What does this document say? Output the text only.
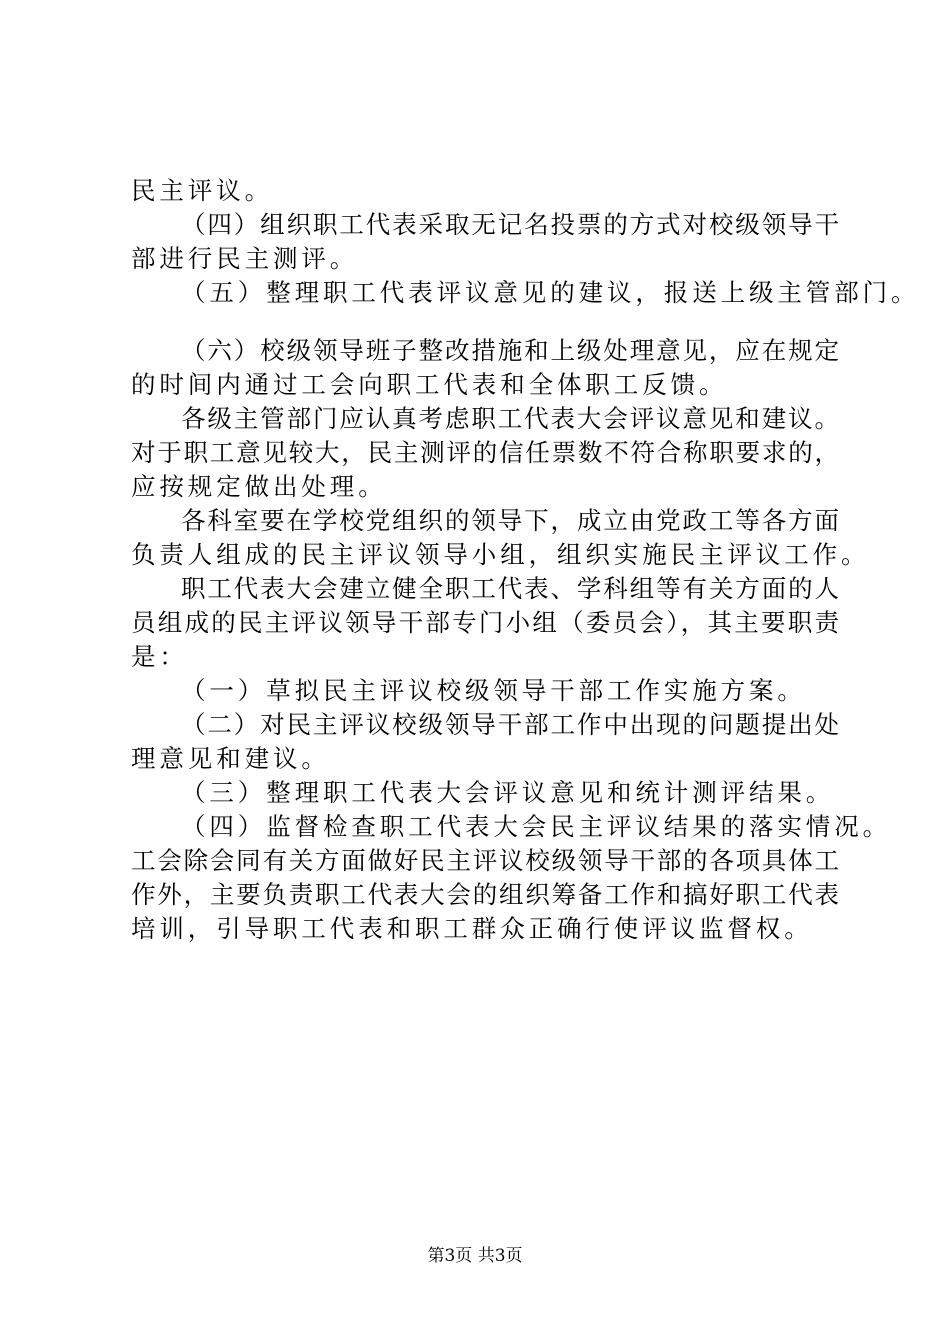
民主评议。
（四）组织职工代表采取无记名投票的方式对校级领导干
部进行民主测评。
（五）整理职工代表评议意见的建议，报送上级主管部门。
（六）校级领导班子整改措施和上级处理意见，应在规定
的时间内通过工会向职工代表和全体职工反馈。
各级主管部门应认真考虑职工代表大会评议意见和建议。
对于职工意见较大，民主测评的信任票数不符合称职要求的，
应按规定做出处理。
各科室要在学校党组织的领导下，成立由党政工等各方面
负责人组成的民主评议领导小组，组织实施民主评议工作。
职工代表大会建立健全职工代表、学科组等有关方面的人
员组成的民主评议领导干部专门小组（委员会），其主要职责
是：
（一）草拟民主评议校级领导干部工作实施方案。
（二）对民主评议校级领导干部工作中出现的问题提出处
理意见和建议。
（三）整理职工代表大会评议意见和统计测评结果。
（四）监督检查职工代表大会民主评议结果的落实情况。
工会除会同有关方面做好民主评议校级领导干部的各项具体工
作外，主要负责职工代表大会的组织筹备工作和搞好职工代表
培训，引导职工代表和职工群众正确行使评议监督权。
第3页 共3页
